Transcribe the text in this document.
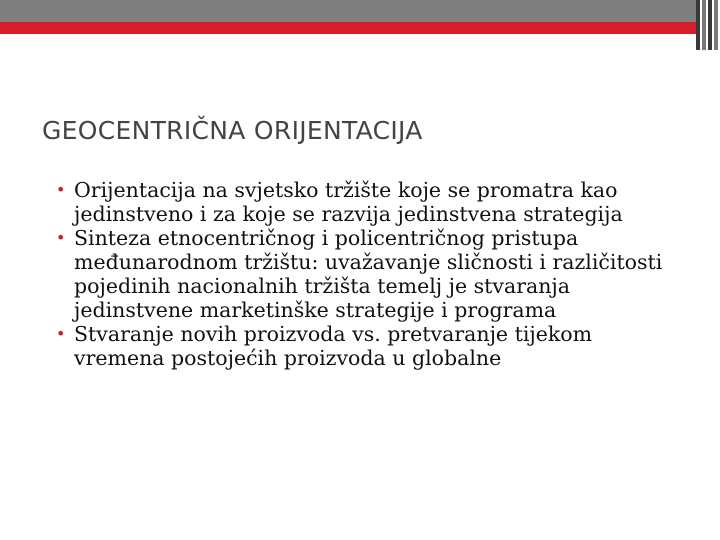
GEOCENTRIČNA ORIJENTACIJA
• Orijentacija na svjetsko tržište koje se promatra kao jedinstveno i za koje se razvija jedinstvena strategija
• Sinteza etnocentričnog i policentričnog pristupa međunarodnom tržištu: uvažavanje sličnosti i različitosti pojedinih nacionalnih tržišta temelj je stvaranja jedinstvene marketinške strategije i programa
• Stvaranje novih proizvoda vs. pretvaranje tijekom vremena postojećih proizvoda u globalne
